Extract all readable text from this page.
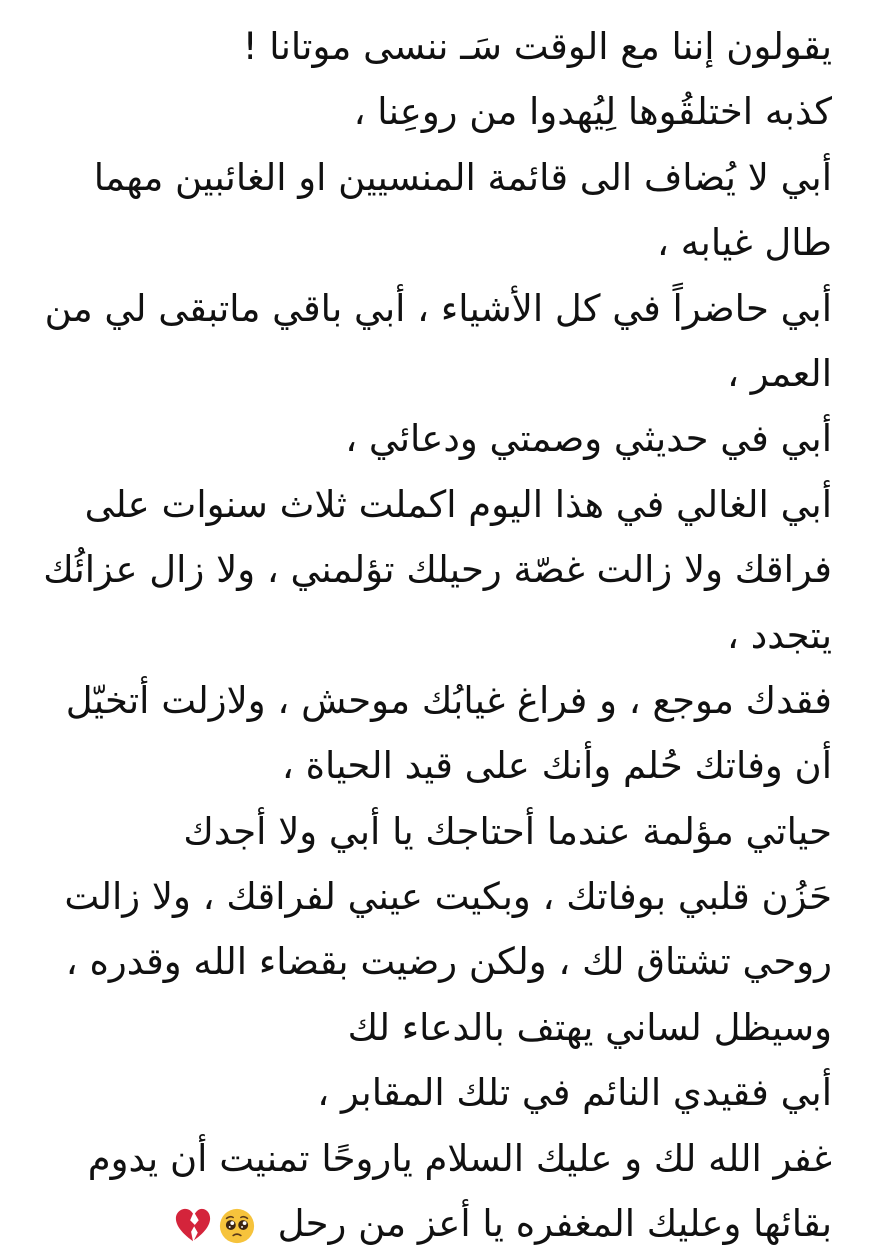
يقولون إننا مع الوقت سَـ ننسى موتانا !
كذبه اختلقُوها لِيُهدوا من روعِنا ،
أبي لا يُضاف الى قائمة المنسيين او الغائبين مهما
طال غيابه ،
أبي حاضراً في كل الأشياء ، أبي باقي ماتبقى لي من
العمر ،
أبي في حديثي وصمتي ودعائي ،
أبي الغالي في هذا اليوم اكملت ثلاث سنوات على
فراقك ولا زالت غصّة رحيلك تؤلمني ، ولا زال عزائُك
يتجدد ،
فقدك موجع ، و فراغ غيابُك موحش ، ولازلت أتخيّل
أن وفاتك حُلم وأنك على قيد الحياة ،
حياتي مؤلمة عندما أحتاجك يا أبي ولا أجدك
حَزُن قلبي بوفاتك ، وبكيت عيني لفراقك ، ولا زالت
روحي تشتاق لك ، ولكن رضيت بقضاء الله وقدره ،
وسيظل لساني يهتف بالدعاء لك
أبي فقيدي النائم في تلك المقابر ،
غفر الله لك و عليك السلام ياروحًا تمنيت أن يدوم
بقائها وعليك المغفره يا أعز من رحل
